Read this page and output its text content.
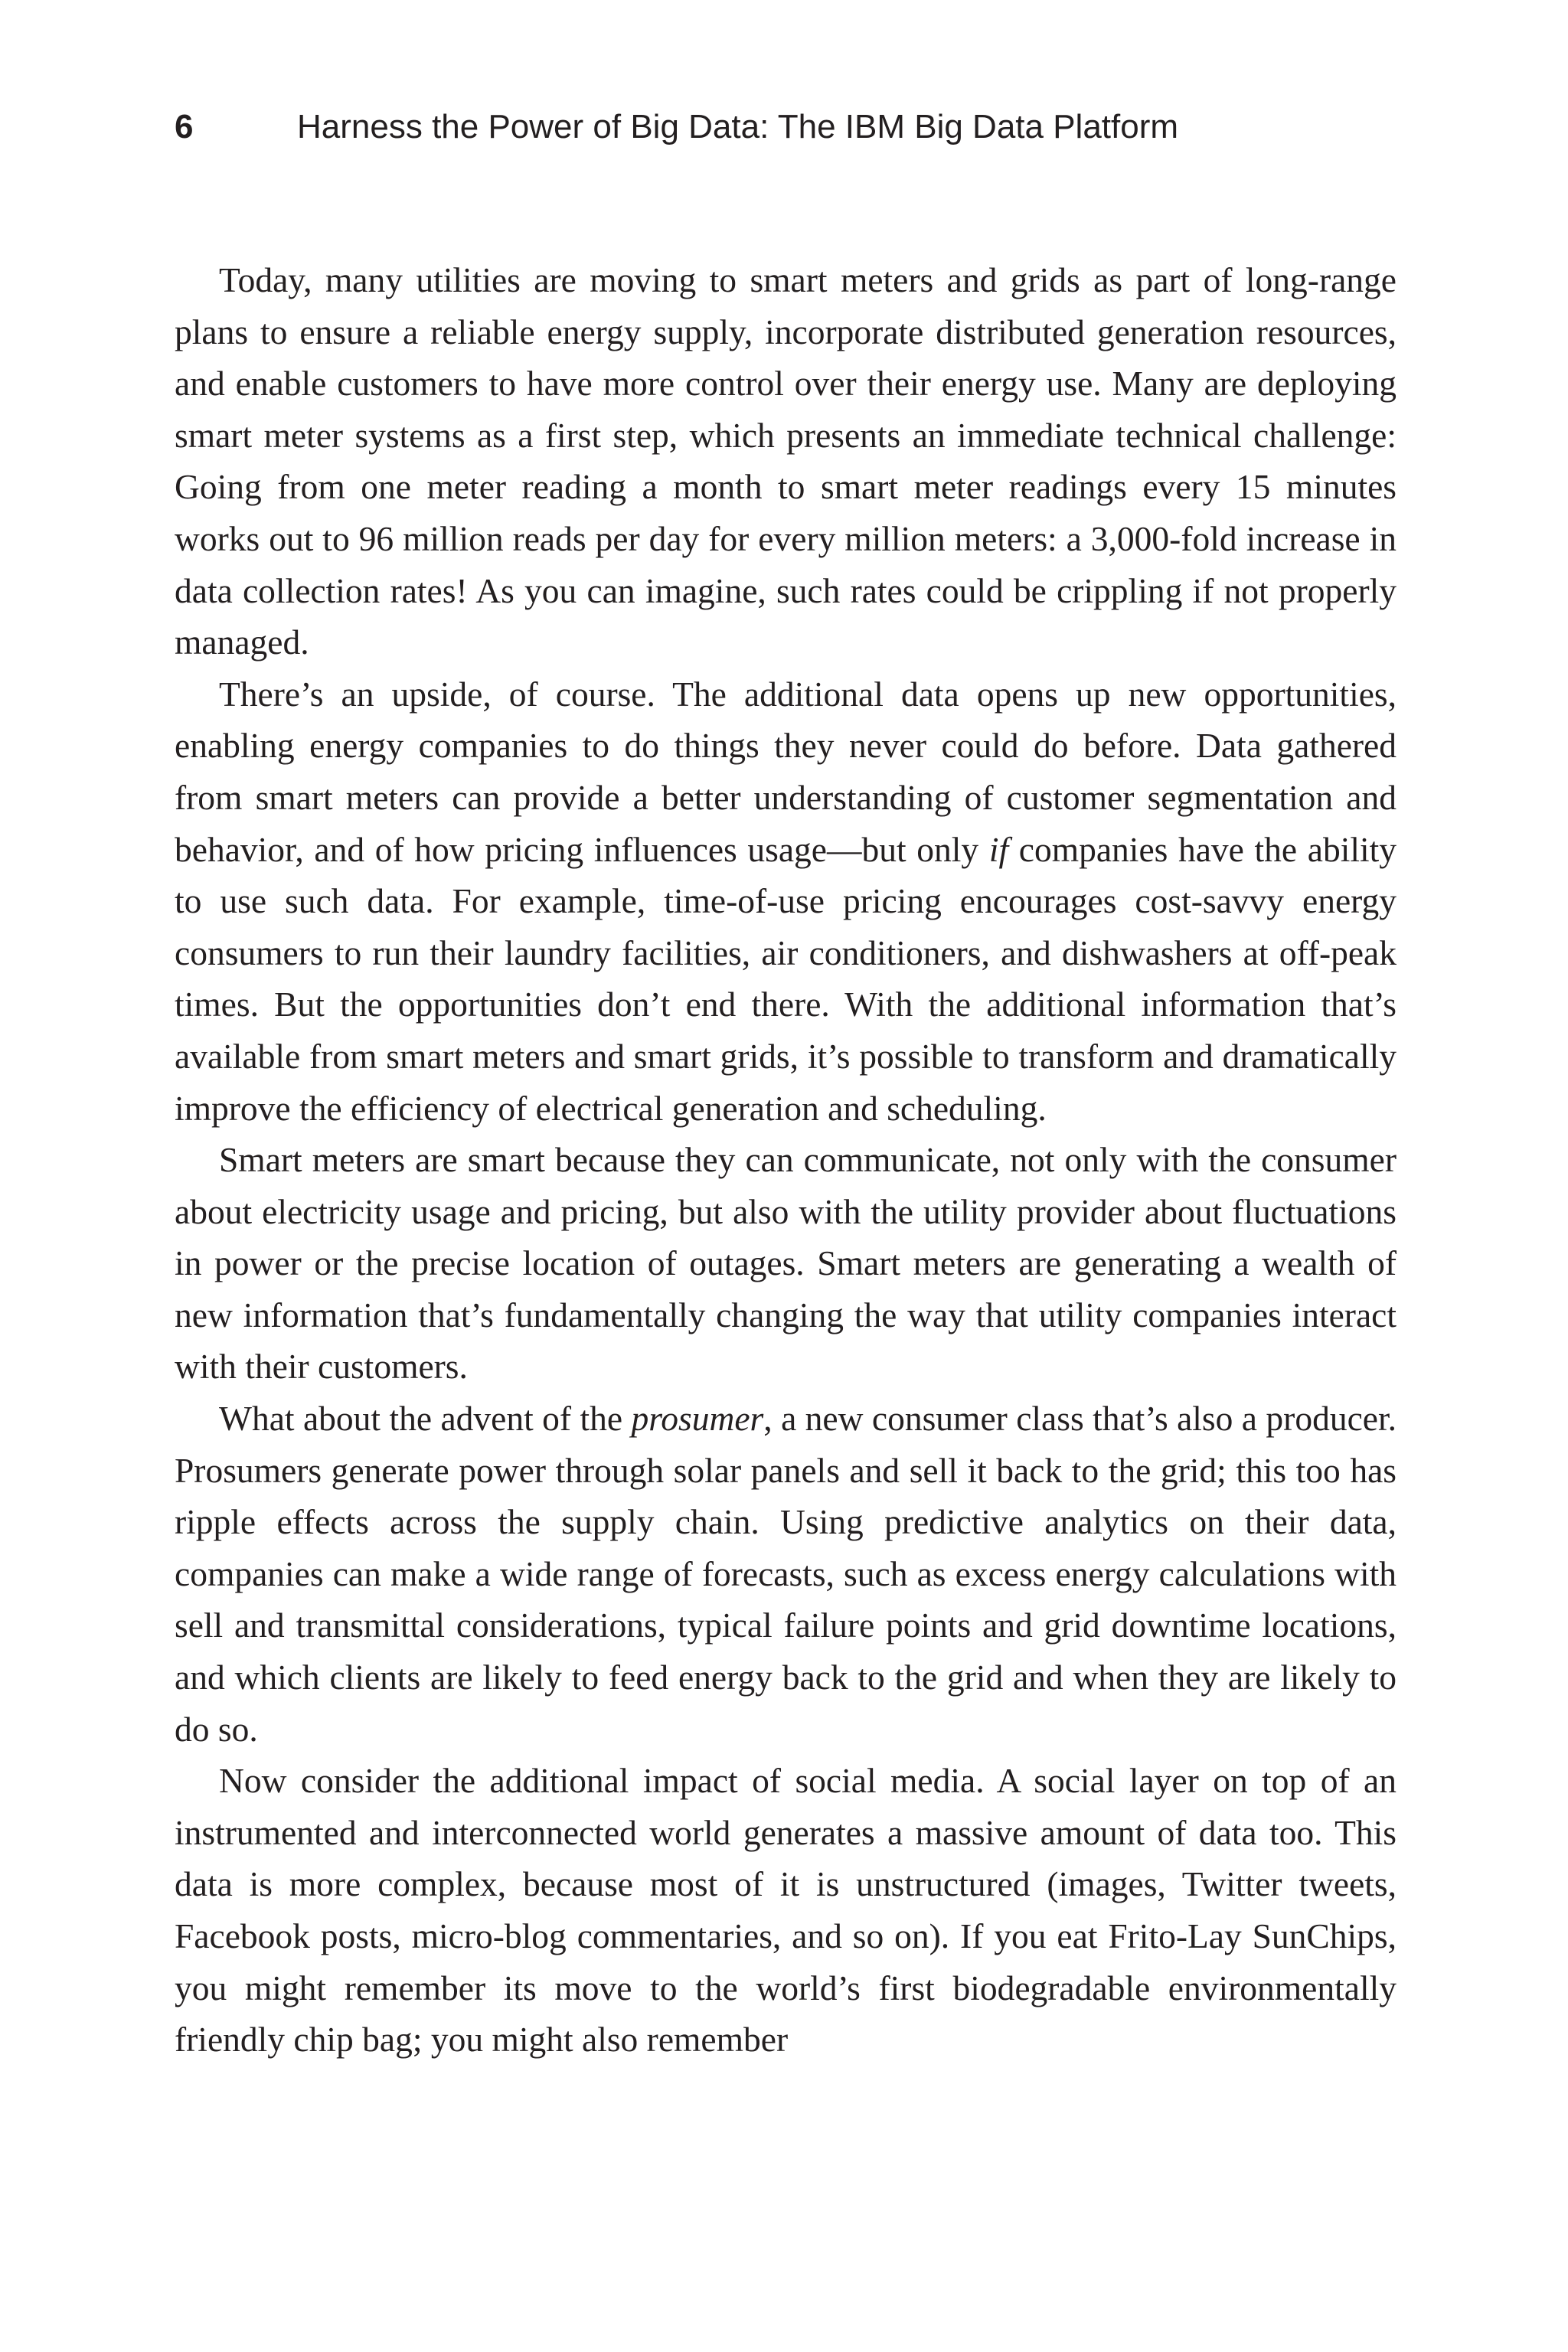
6	Harness the Power of Big Data: The IBM Big Data Platform

Today, many utilities are moving to smart meters and grids as part of long-range plans to ensure a reliable energy supply, incorporate distributed generation resources, and enable customers to have more control over their energy use. Many are deploying smart meter systems as a first step, which presents an immediate technical challenge: Going from one meter reading a month to smart meter readings every 15 minutes works out to 96 million reads per day for every million meters: a 3,000-fold increase in data collection rates! As you can imagine, such rates could be crippling if not properly managed.

There’s an upside, of course. The additional data opens up new opportunities, enabling energy companies to do things they never could do before. Data gathered from smart meters can provide a better understanding of customer segmentation and behavior, and of how pricing influences usage—but only if companies have the ability to use such data. For example, time-of-use pricing encourages cost-savvy energy consumers to run their laundry facilities, air conditioners, and dishwashers at off-peak times. But the opportunities don’t end there. With the additional information that’s available from smart meters and smart grids, it’s possible to transform and dramatically improve the efficiency of electrical generation and scheduling.

Smart meters are smart because they can communicate, not only with the consumer about electricity usage and pricing, but also with the utility provider about fluctuations in power or the precise location of outages. Smart meters are generating a wealth of new information that’s fundamentally changing the way that utility companies interact with their customers.

What about the advent of the prosumer, a new consumer class that’s also a producer. Prosumers generate power through solar panels and sell it back to the grid; this too has ripple effects across the supply chain. Using predictive analytics on their data, companies can make a wide range of forecasts, such as excess energy calculations with sell and transmittal considerations, typical failure points and grid downtime locations, and which clients are likely to feed energy back to the grid and when they are likely to do so.

Now consider the additional impact of social media. A social layer on top of an instrumented and interconnected world generates a massive amount of data too. This data is more complex, because most of it is unstructured (images, Twitter tweets, Facebook posts, micro-blog commentaries, and so on). If you eat Frito-Lay SunChips, you might remember its move to the world’s first biodegradable environmentally friendly chip bag; you might also remember
